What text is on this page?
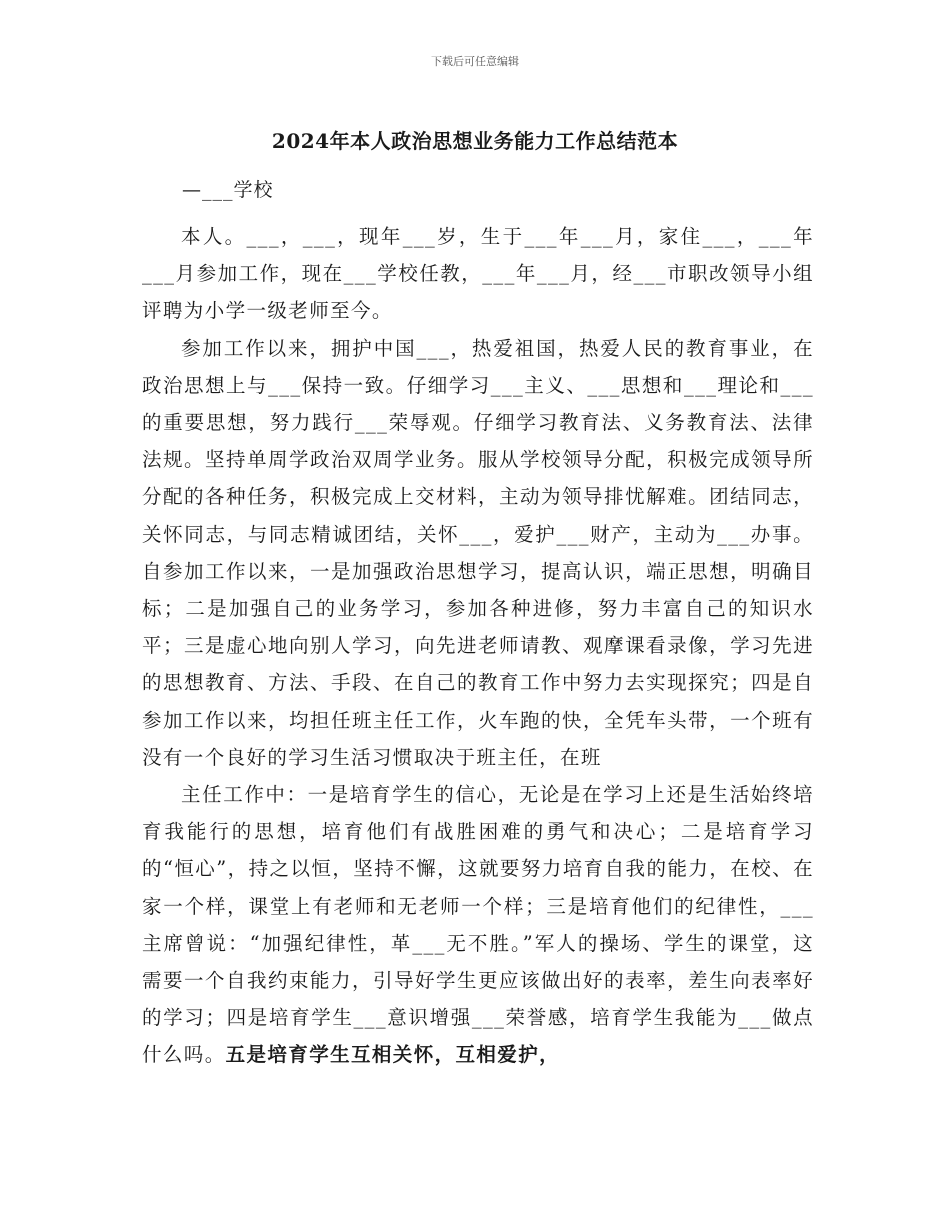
下载后可任意编辑
2024年本人政治思想业务能力工作总结范本
—___学校

本人。___，___，现年___岁，生于___年___月，家住___，___年___月参加工作，现在___学校任教，___年___月，经___市职改领导小组评聘为小学一级老师至今。

参加工作以来，拥护中国___，热爱祖国，热爱人民的教育事业，在政治思想上与___保持一致。仔细学习___主义、___思想和___理论和___的重要思想，努力践行___荣辱观。仔细学习教育法、义务教育法、法律法规。坚持单周学政治双周学业务。服从学校领导分配，积极完成领导所分配的各种任务，积极完成上交材料，主动为领导排忧解难。团结同志，关怀同志，与同志精诚团结，关怀___，爱护___财产，主动为___办事。自参加工作以来，一是加强政治思想学习，提高认识，端正思想，明确目标；二是加强自己的业务学习，参加各种进修，努力丰富自己的知识水平；三是虚心地向别人学习，向先进老师请教、观摩课看录像，学习先进的思想教育、方法、手段、在自己的教育工作中努力去实现探究；四是自参加工作以来，均担任班主任工作，火车跑的快，全凭车头带，一个班有没有一个良好的学习生活习惯取决于班主任，在班

主任工作中：一是培育学生的信心，无论是在学习上还是生活始终培育我能行的思想，培育他们有战胜困难的勇气和决心；二是培育学习的“恒心”，持之以恒，坚持不懈，这就要努力培育自我的能力，在校、在家一个样，课堂上有老师和无老师一个样；三是培育他们的纪律性，___主席曾说：“加强纪律性，革___无不胜。”军人的操场、学生的课堂，这需要一个自我约束能力，引导好学生更应该做出好的表率，差生向表率好的学习；四是培育学生___意识增强___荣誉感，培育学生我能为___做点什么吗。五是培育学生互相关怀，互相爱护，
